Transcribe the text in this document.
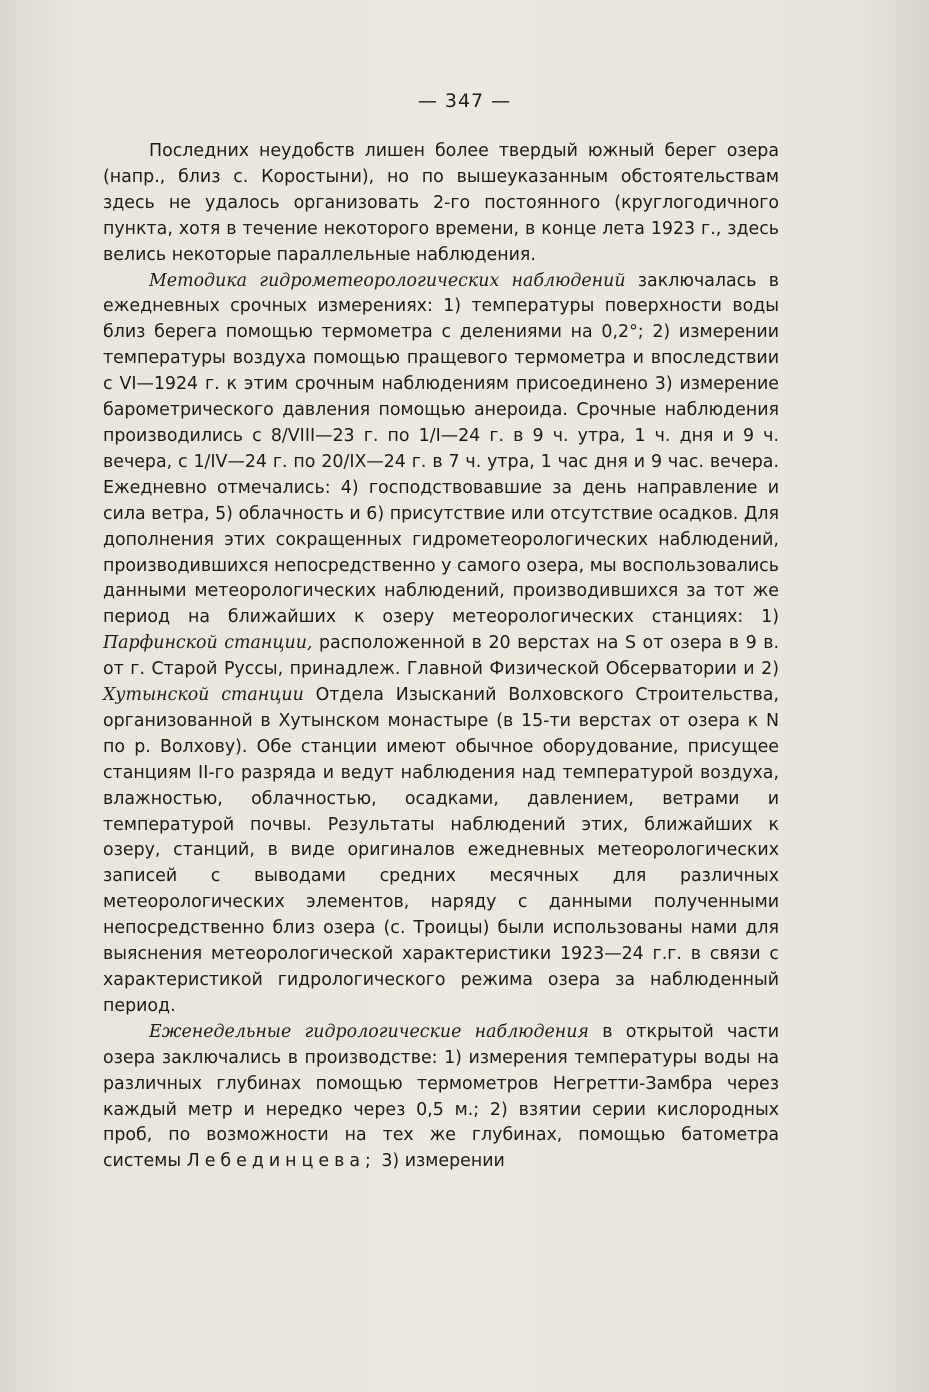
— 347 —

Последних неудобств лишен более твердый южный берег озера (напр., близ с. Коростыни), но по вышеуказанным обстоятельствам здесь не удалось организовать 2-го постоянного (круглогодичного пункта, хотя в течение некоторого времени, в конце лета 1923 г., здесь велись некоторые параллельные наблюдения.

Методика гидрометеорологических наблюдений заключалась в ежедневных срочных измерениях: 1) температуры поверхности воды близ берега помощью термометра с делениями на 0,2°; 2) измерении температуры воздуха помощью пращевого термометра и впоследствии с VI—1924 г. к этим срочным наблюдениям присоединено 3) измерение барометрического давления помощью анероида. Срочные наблюдения производились с 8/VIII—23 г. по 1/I—24 г. в 9 ч. утра, 1 ч. дня и 9 ч. вечера, с 1/IV—24 г. по 20/IX—24 г. в 7 ч. утра, 1 час дня и 9 час. вечера. Ежедневно отмечались: 4) господствовавшие за день направление и сила ветра, 5) облачность и 6) присутствие или отсутствие осадков. Для дополнения этих сокращенных гидрометеорологических наблюдений, производившихся непосредственно у самого озера, мы воспользовались данными метеорологических наблюдений, производившихся за тот же период на ближайших к озеру метеорологических станциях: 1) Парфинской станции, расположенной в 20 верстах на S от озера в 9 в. от г. Старой Руссы, принадлеж. Главной Физической Обсерватории и 2) Хутынской станции Отдела Изысканий Волховского Строительства, организованной в Хутынском монастыре (в 15-ти верстах от озера к N по р. Волхову). Обе станции имеют обычное оборудование, присущее станциям II-го разряда и ведут наблюдения над температурой воздуха, влажностью, облачностью, осадками, давлением, ветрами и температурой почвы. Результаты наблюдений этих, ближайших к озеру, станций, в виде оригиналов ежедневных метеорологических записей с выводами средних месячных для различных метеорологических элементов, наряду с данными полученными непосредственно близ озера (с. Троицы) были использованы нами для выяснения метеорологической характеристики 1923—24 г.г. в связи с характеристикой гидрологического режима озера за наблюденный период.

Еженедельные гидрологические наблюдения в открытой части озера заключались в производстве: 1) измерения температуры воды на различных глубинах помощью термометров Негретти-Замбра через каждый метр и нередко через 0,5 м.; 2) взятии серии кислородных проб, по возможности на тех же глубинах, помощью батометра системы Лебединцева; 3) измерении
